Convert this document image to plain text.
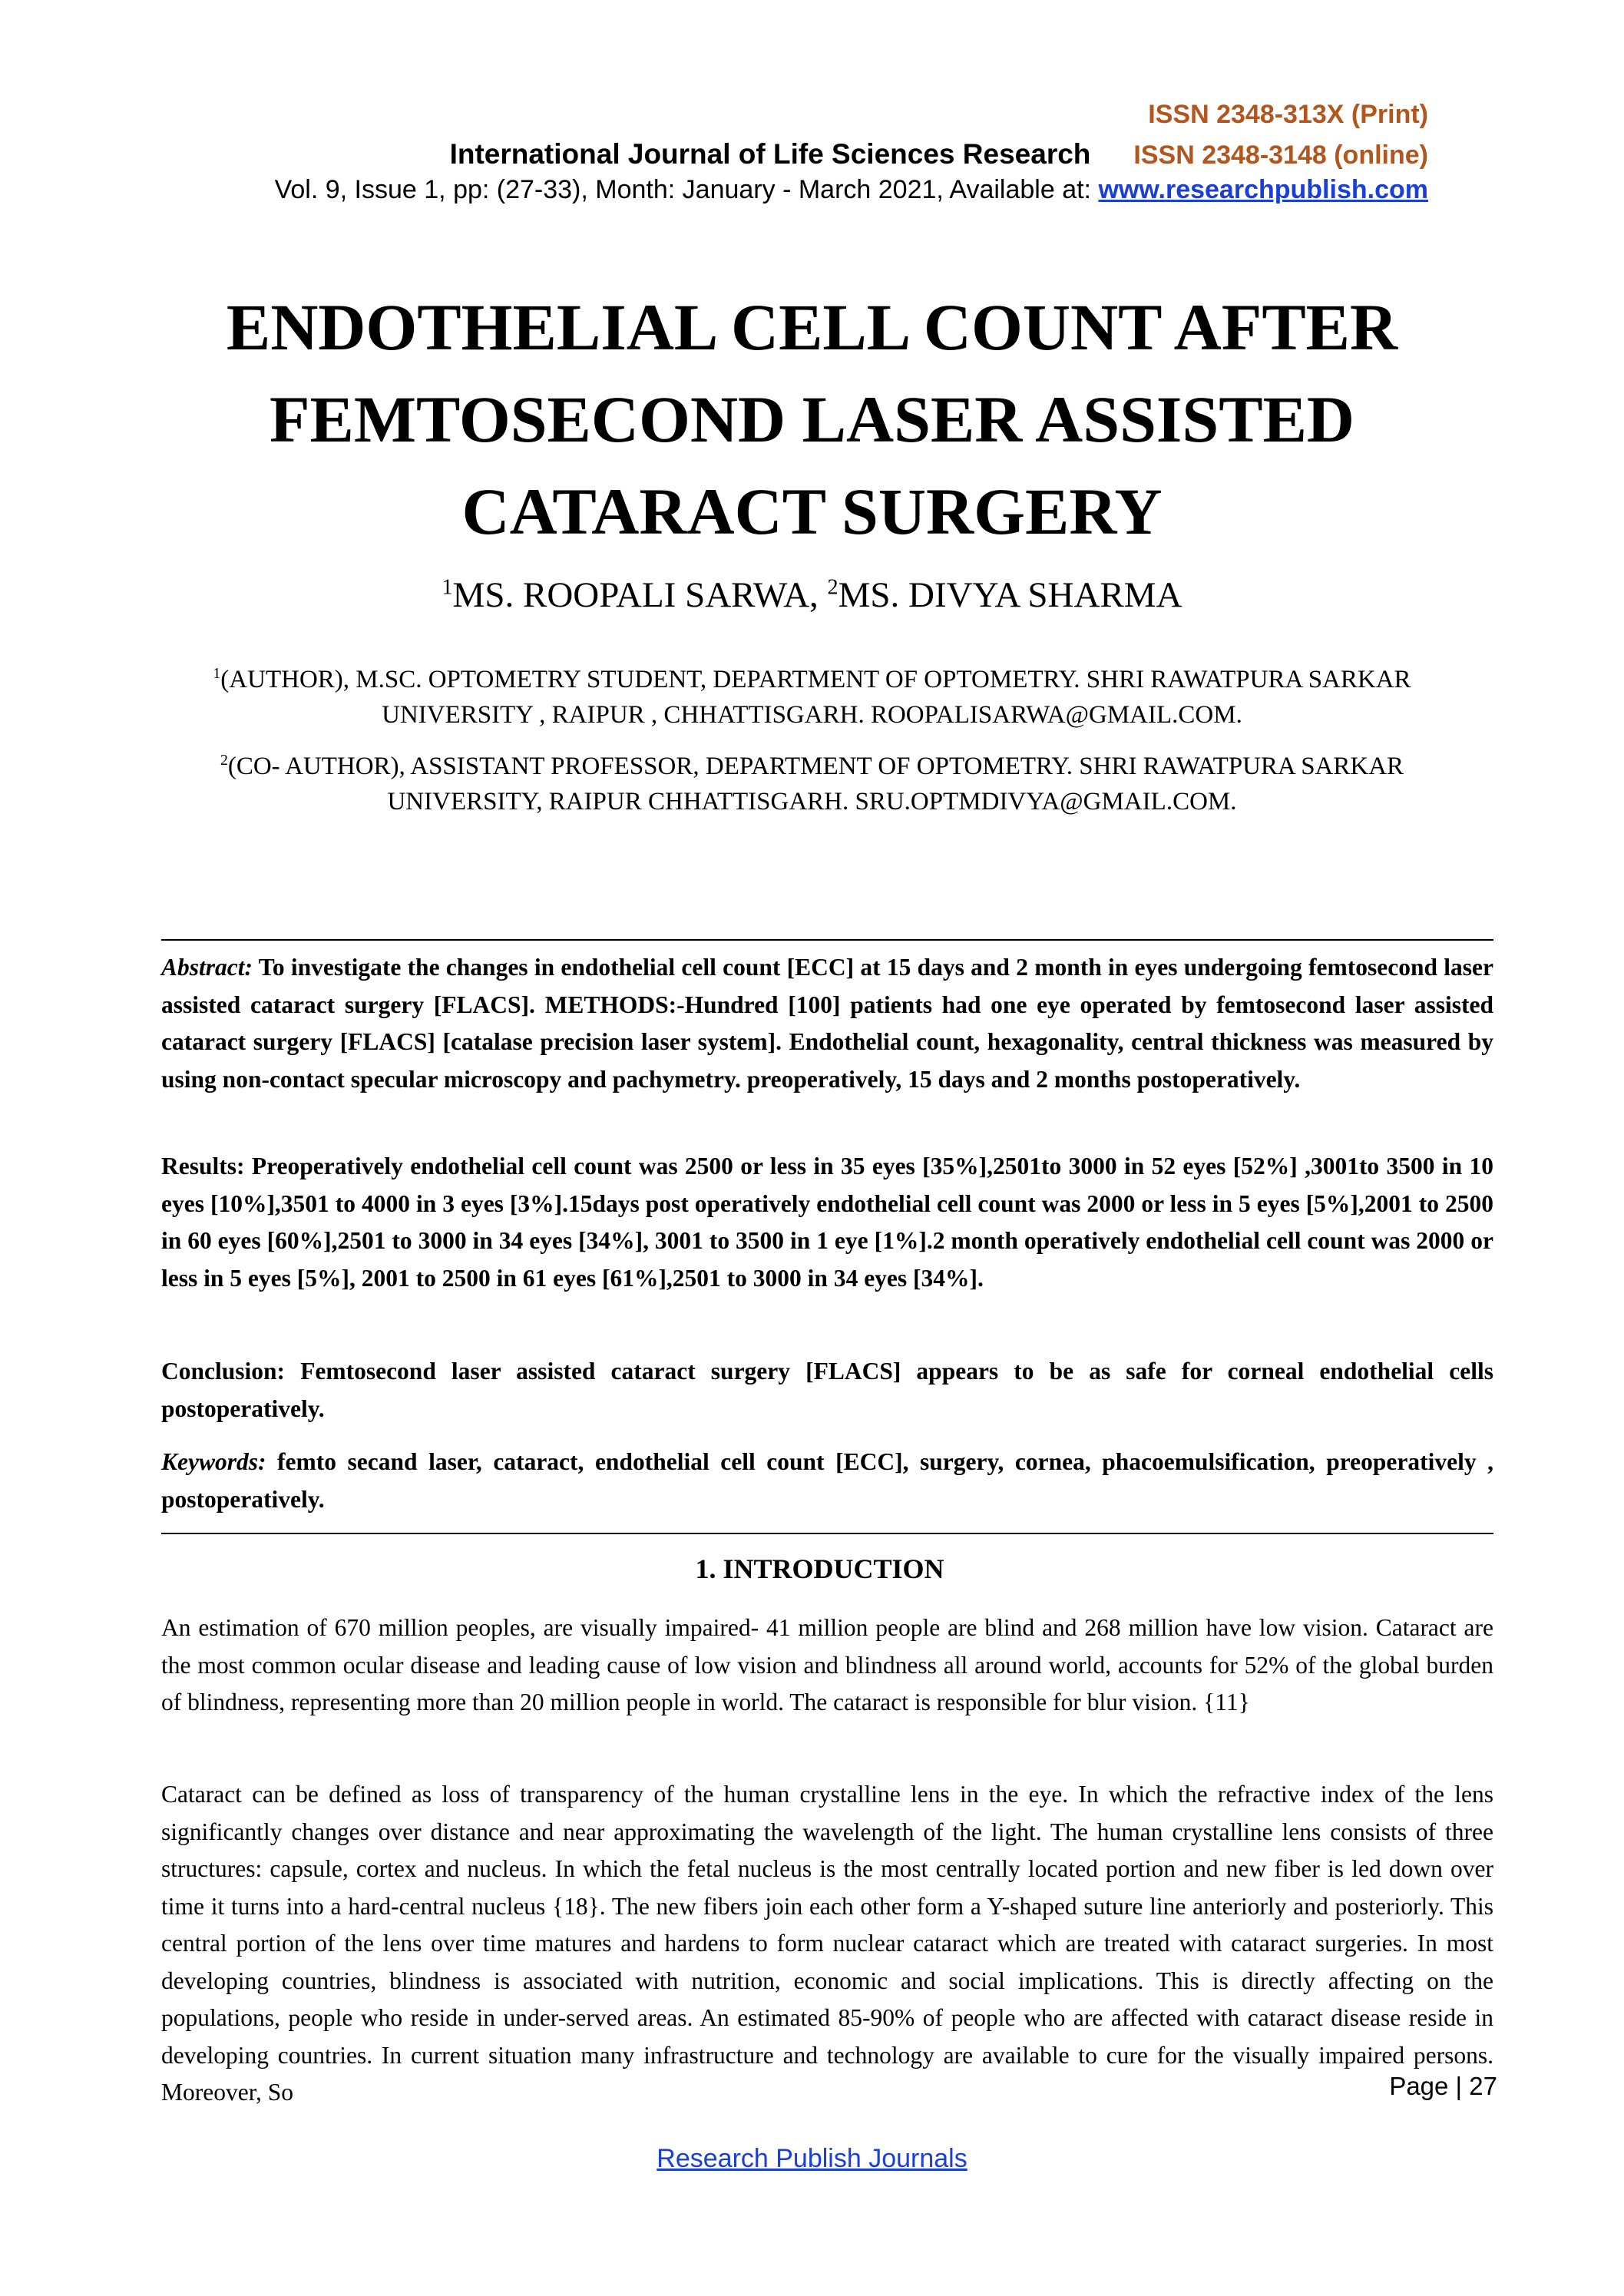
ISSN 2348-313X (Print)
International Journal of Life Sciences Research ISSN 2348-3148 (online)
Vol. 9, Issue 1, pp: (27-33), Month: January - March 2021, Available at: www.researchpublish.com
ENDOTHELIAL CELL COUNT AFTER
FEMTOSECOND LASER ASSISTED
CATARACT SURGERY
$^1$MS. ROOPALI SARWA, $^2$MS. DIVYA SHARMA
$^1$(AUTHOR), M.SC. OPTOMETRY STUDENT, DEPARTMENT OF OPTOMETRY. SHRI RAWATPURA SARKAR
UNIVERSITY , RAIPUR , CHHATTISGARH. ROOPALISARWA@GMAIL.COM.
$^2$(CO- AUTHOR), ASSISTANT PROFESSOR, DEPARTMENT OF OPTOMETRY. SHRI RAWATPURA SARKAR
UNIVERSITY, RAIPUR CHHATTISGARH. SRU.OPTMDIVYA@GMAIL.COM.
Abstract: To investigate the changes in endothelial cell count [ECC] at 15 days and 2 month in eyes undergoing femtosecond laser assisted cataract surgery [FLACS]. METHODS:-Hundred [100] patients had one eye operated by femtosecond laser assisted cataract surgery [FLACS] [catalase precision laser system]. Endothelial count, hexagonality, central thickness was measured by using non-contact specular microscopy and pachymetry. preoperatively, 15 days and 2 months postoperatively.
Results: Preoperatively endothelial cell count was 2500 or less in 35 eyes [35%],2501to 3000 in 52 eyes [52%] ,3001to 3500 in 10 eyes [10%],3501 to 4000 in 3 eyes [3%].15days post operatively endothelial cell count was 2000 or less in 5 eyes [5%],2001 to 2500 in 60 eyes [60%],2501 to 3000 in 34 eyes [34%], 3001 to 3500 in 1 eye [1%].2 month operatively endothelial cell count was 2000 or less in 5 eyes [5%], 2001 to 2500 in 61 eyes [61%],2501 to 3000 in 34 eyes [34%].
Conclusion: Femtosecond laser assisted cataract surgery [FLACS] appears to be as safe for corneal endothelial cells postoperatively.
Keywords: femto secand laser, cataract, endothelial cell count [ECC], surgery, cornea, phacoemulsification, preoperatively , postoperatively.
1. INTRODUCTION
An estimation of 670 million peoples, are visually impaired- 41 million people are blind and 268 million have low vision. Cataract are the most common ocular disease and leading cause of low vision and blindness all around world, accounts for 52% of the global burden of blindness, representing more than 20 million people in world. The cataract is responsible for blur vision. {11}
Cataract can be defined as loss of transparency of the human crystalline lens in the eye. In which the refractive index of the lens significantly changes over distance and near approximating the wavelength of the light. The human crystalline lens consists of three structures: capsule, cortex and nucleus. In which the fetal nucleus is the most centrally located portion and new fiber is led down over time it turns into a hard-central nucleus {18}. The new fibers join each other form a Y-shaped suture line anteriorly and posteriorly. This central portion of the lens over time matures and hardens to form nuclear cataract which are treated with cataract surgeries. In most developing countries, blindness is associated with nutrition, economic and social implications. This is directly affecting on the populations, people who reside in under-served areas. An estimated 85-90% of people who are affected with cataract disease reside in developing countries. In current situation many infrastructure and technology are available to cure for the visually impaired persons. Moreover, So	Page | 27
Research Publish Journals
